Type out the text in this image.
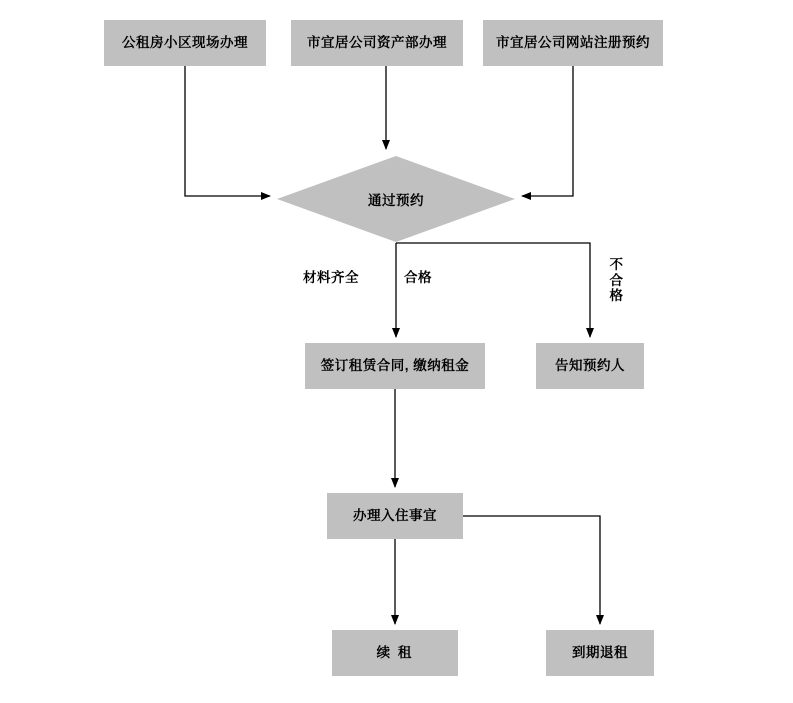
公租房小区现场办理	市宜居公司资产部办理	市宜居公司网站注册预约
通过预约
签订租赁合同, 缴纳租金	告知预约人
办理入住事宜
续 租	到期退租
材料齐全	合格
不合格
